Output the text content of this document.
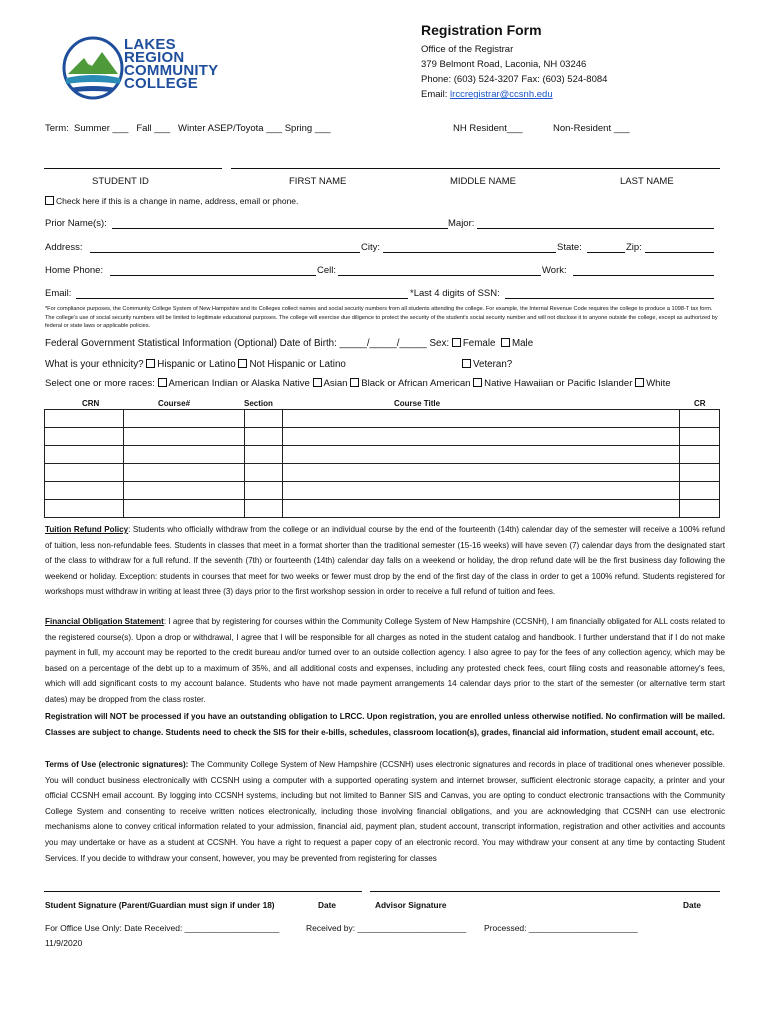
LAKES
REGION
COMMUNITY
COLLEGE
Registration Form
Office of the Registrar
379 Belmont Road, Laconia, NH 03246
Phone: (603) 524-3207 Fax: (603) 524-8084
Email: lrccregistrar@ccsnh.edu
Term:  Summer ___   Fall ___   Winter ASEP/Toyota ___ Spring ___	NH Resident___	Non-Resident ___
STUDENT ID	FIRST NAME	MIDDLE NAME	LAST NAME
Check here if this is a change in name, address, email or phone.
Prior Name(s):	Major:
Address:	City:	State:	Zip:
Home Phone:	Cell:	Work:
Email:	*Last 4 digits of SSN:
*For compliance purposes, the Community College System of New Hampshire and its Colleges collect names and social security numbers from all students attending the college. For example, the Internal Revenue Code requires the college to produce a 1098-T tax form. The college's use of social security numbers will be limited to legitimate educational purposes. The college will exercise due diligence to protect the security of the student's social security number and will not disclose it to anyone outside the college, except as authorized by federal or state laws or applicable policies.
Federal Government Statistical Information (Optional) Date of Birth: _____/_____/_____ Sex: Female Male
What is your ethnicity? Hispanic or Latino Not Hispanic or Latino	Veteran?
Select one or more races: American Indian or Alaska Native Asian Black or African American Native Hawaiian or Pacific Islander White
CRN	Course#	Section	Course Title	CR

Tuition Refund Policy: Students who officially withdraw from the college or an individual course by the end of the fourteenth (14th) calendar day of the semester will receive a 100% refund of tuition, less non-refundable fees. Students in classes that meet in a format shorter than the traditional semester (15-16 weeks) will have seven (7) calendar days from the designated start of the class to withdraw for a full refund. If the seventh (7th) or fourteenth (14th) calendar day falls on a weekend or holiday, the drop refund date will be the first business day following the weekend or holiday. Exception: students in courses that meet for two weeks or fewer must drop by the end of the first day of the class in order to get a 100% refund. Students registered for workshops must withdraw in writing at least three (3) days prior to the first workshop session in order to receive a full refund of tuition and fees.
Financial Obligation Statement: I agree that by registering for courses within the Community College System of New Hampshire (CCSNH), I am financially obligated for ALL costs related to the registered course(s). Upon a drop or withdrawal, I agree that I will be responsible for all charges as noted in the student catalog and handbook. I further understand that if I do not make payment in full, my account may be reported to the credit bureau and/or turned over to an outside collection agency. I also agree to pay for the fees of any collection agency, which may be based on a percentage of the debt up to a maximum of 35%, and all additional costs and expenses, including any protested check fees, court filing costs and reasonable attorney's fees, which will add significant costs to my account balance. Students who have not made payment arrangements 14 calendar days prior to the start of the semester (or alternative term start dates) may be dropped from the class roster.
Registration will NOT be processed if you have an outstanding obligation to LRCC. Upon registration, you are enrolled unless otherwise notified. No confirmation will be mailed. Classes are subject to change. Students need to check the SIS for their e-bills, schedules, classroom location(s), grades, financial aid information, student email account, etc.
Terms of Use (electronic signatures): The Community College System of New Hampshire (CCSNH) uses electronic signatures and records in place of traditional ones whenever possible. You will conduct business electronically with CCSNH using a computer with a supported operating system and internet browser, sufficient electronic storage capacity, a printer and your official CCSNH email account. By logging into CCSNH systems, including but not limited to Banner SIS and Canvas, you are opting to conduct electronic transactions with the Community College System and consenting to receive written notices electronically, including those involving financial obligations, and you are acknowledging that CCSNH can use electronic mechanisms alone to convey critical information related to your admission, financial aid, payment plan, student account, transcript information, registration and other activities and accounts you may undertake or have as a student at CCSNH. You have a right to request a paper copy of an electronic record. You may withdraw your consent at any time by contacting Student Services. If you decide to withdraw your consent, however, you may be prevented from registering for classes
Student Signature (Parent/Guardian must sign if under 18)	Date	Advisor Signature	Date
For Office Use Only: Date Received: ____________________	Received by: _______________________ Processed: _______________________
11/9/2020
